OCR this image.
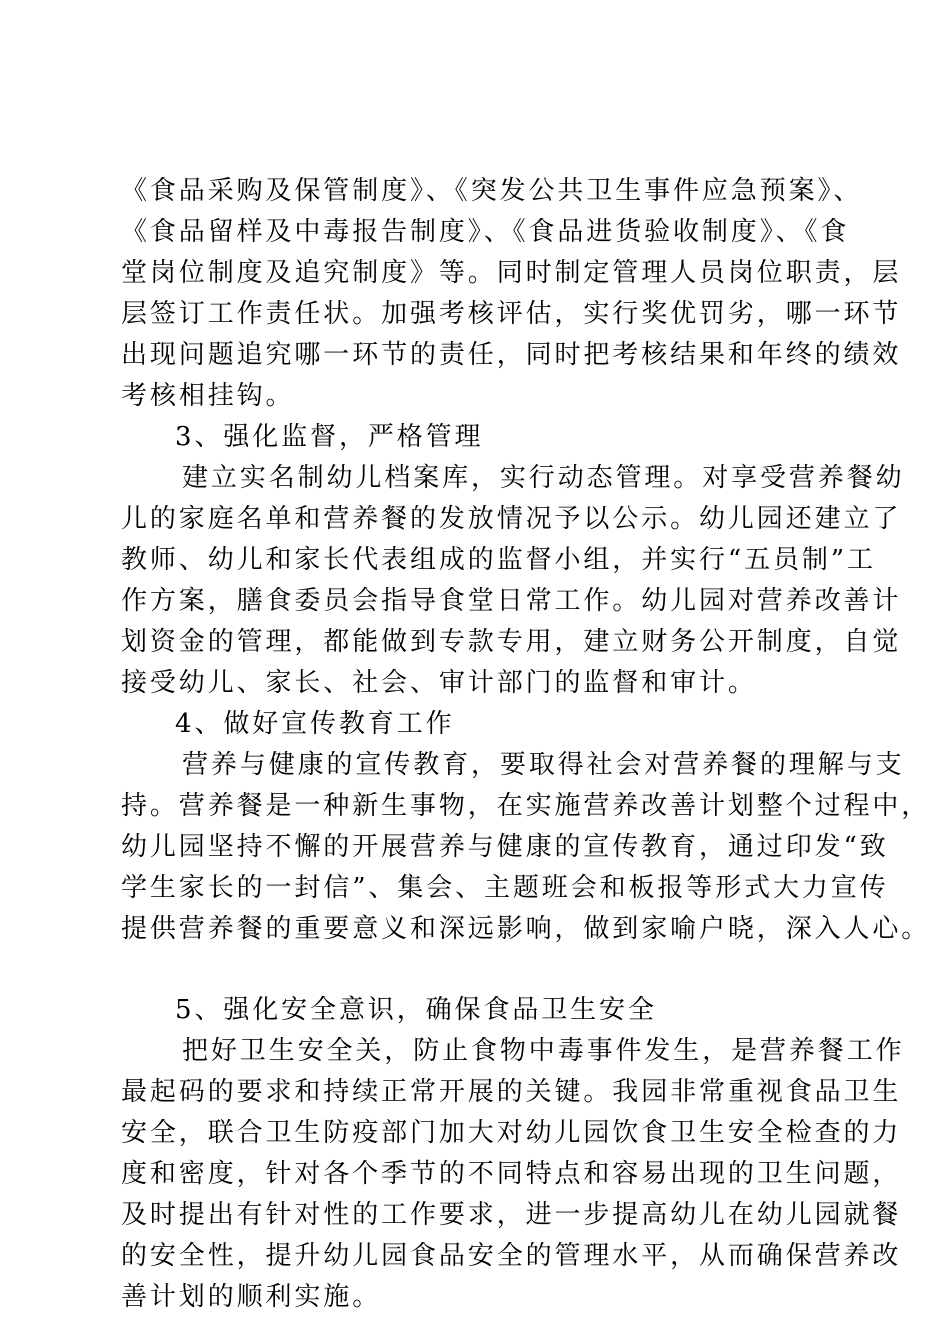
《食品采购及保管制度》、《突发公共卫生事件应急预案》、
《食品留样及中毒报告制度》、《食品进货验收制度》、《食
堂岗位制度及追究制度》等。同时制定管理人员岗位职责，层
层签订工作责任状。加强考核评估，实行奖优罚劣，哪一环节
出现问题追究哪一环节的责任，同时把考核结果和年终的绩效
考核相挂钩。
3、强化监督，严格管理
建立实名制幼儿档案库，实行动态管理。对享受营养餐幼
儿的家庭名单和营养餐的发放情况予以公示。幼儿园还建立了
教师、幼儿和家长代表组成的监督小组，并实行“五员制”工
作方案，膳食委员会指导食堂日常工作。幼儿园对营养改善计
划资金的管理，都能做到专款专用，建立财务公开制度，自觉
接受幼儿、家长、社会、审计部门的监督和审计。
4、做好宣传教育工作
营养与健康的宣传教育，要取得社会对营养餐的理解与支
持。营养餐是一种新生事物，在实施营养改善计划整个过程中，
幼儿园坚持不懈的开展营养与健康的宣传教育，通过印发“致
学生家长的一封信”、集会、主题班会和板报等形式大力宣传
提供营养餐的重要意义和深远影响，做到家喻户晓，深入人心。
5、强化安全意识，确保食品卫生安全
把好卫生安全关，防止食物中毒事件发生，是营养餐工作
最起码的要求和持续正常开展的关键。我园非常重视食品卫生
安全，联合卫生防疫部门加大对幼儿园饮食卫生安全检查的力
度和密度，针对各个季节的不同特点和容易出现的卫生问题，
及时提出有针对性的工作要求，进一步提高幼儿在幼儿园就餐
的安全性，提升幼儿园食品安全的管理水平，从而确保营养改
善计划的顺利实施。
